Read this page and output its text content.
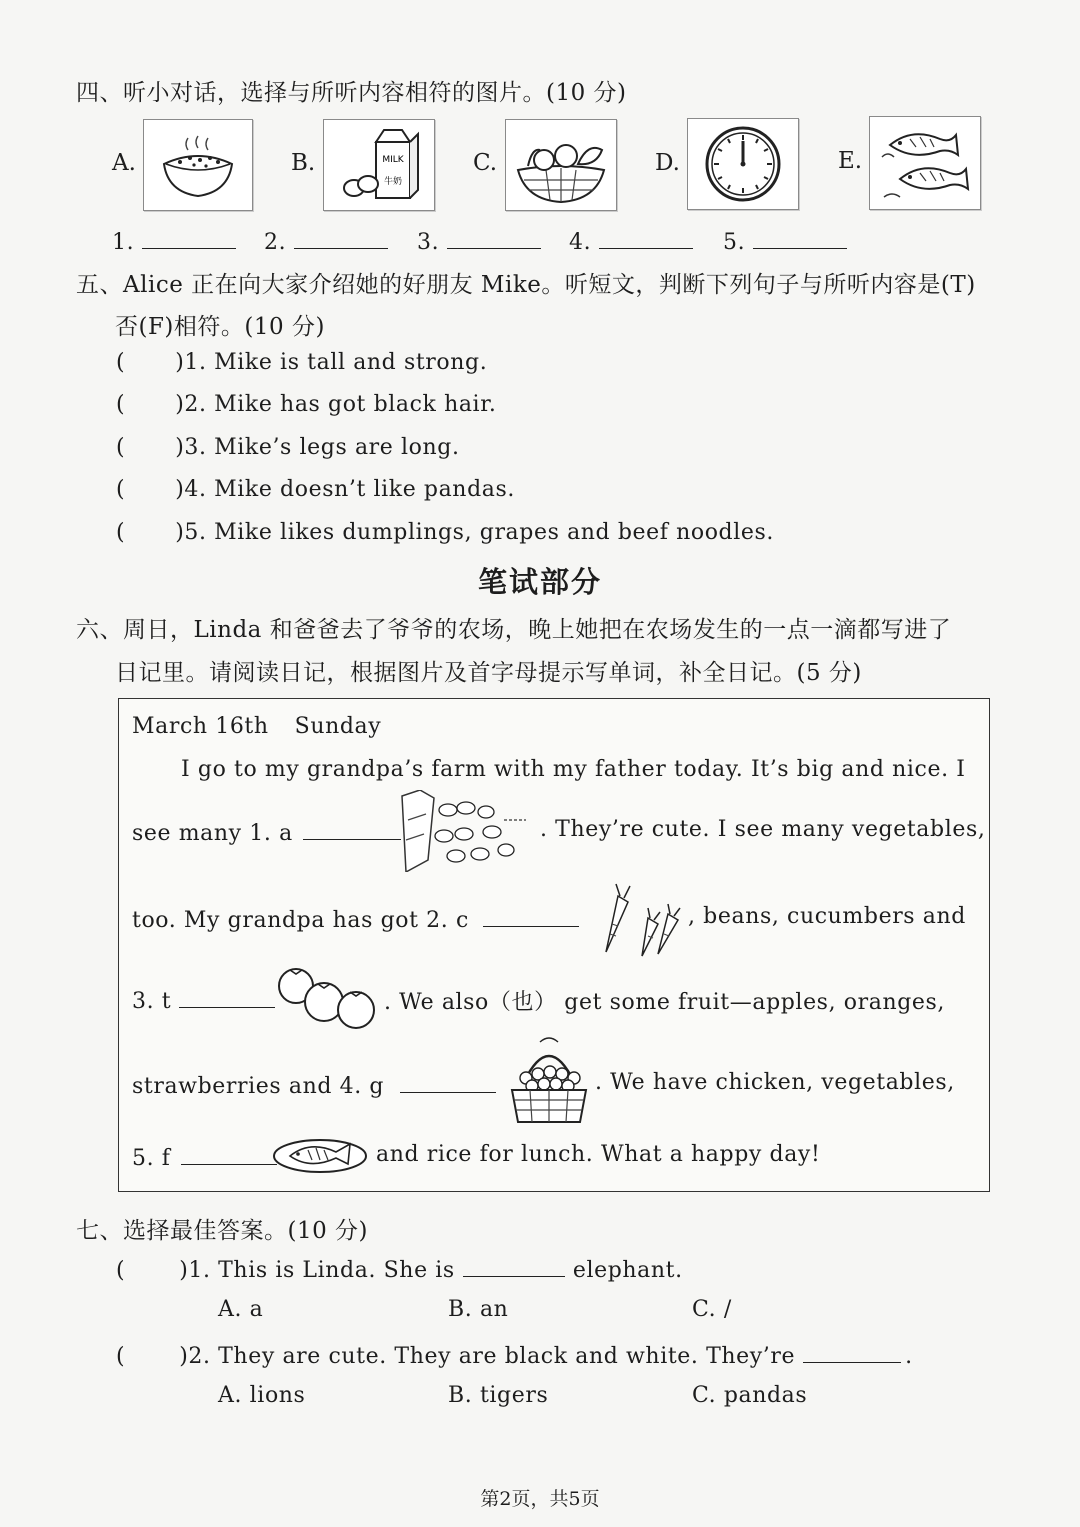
四、听小对话，选择与所听内容相符的图片。(10 分)
A.	B.	MILK
牛奶
C.	D.	E.
1.	2.	3.	4.	5.
五、Alice 正在向大家介绍她的好朋友 Mike。听短文，判断下列句子与所听内容是(T)
否(F)相符。(10 分)
( )1. Mike is tall and strong.
( )2. Mike has got black hair.
( )3. Mike’s legs are long.
( )4. Mike doesn’t like pandas.
( )5. Mike likes dumplings, grapes and beef noodles.
笔试部分
六、周日，Linda 和爸爸去了爷爷的农场，晚上她把在农场发生的一点一滴都写进了
日记里。请阅读日记，根据图片及首字母提示写单词，补全日记。(5 分)
March 16th Sunday
I go to my grandpa’s farm with my father today. It’s big and nice. I
see many 1. a	. They’re cute. I see many vegetables,
too. My grandpa has got 2. c	, beans, cucumbers and
3. t	. We also（也） get some fruit—apples, oranges,
strawberries and 4. g	. We have chicken, vegetables,
5. f	and rice for lunch. What a happy day!
七、选择最佳答案。(10 分)
( )1. This is Linda. She is	elephant.
A. a	B. an	C. /
( )2. They are cute. They are black and white. They’re	.
A. lions	B. tigers	C. pandas
第2页，共5页
